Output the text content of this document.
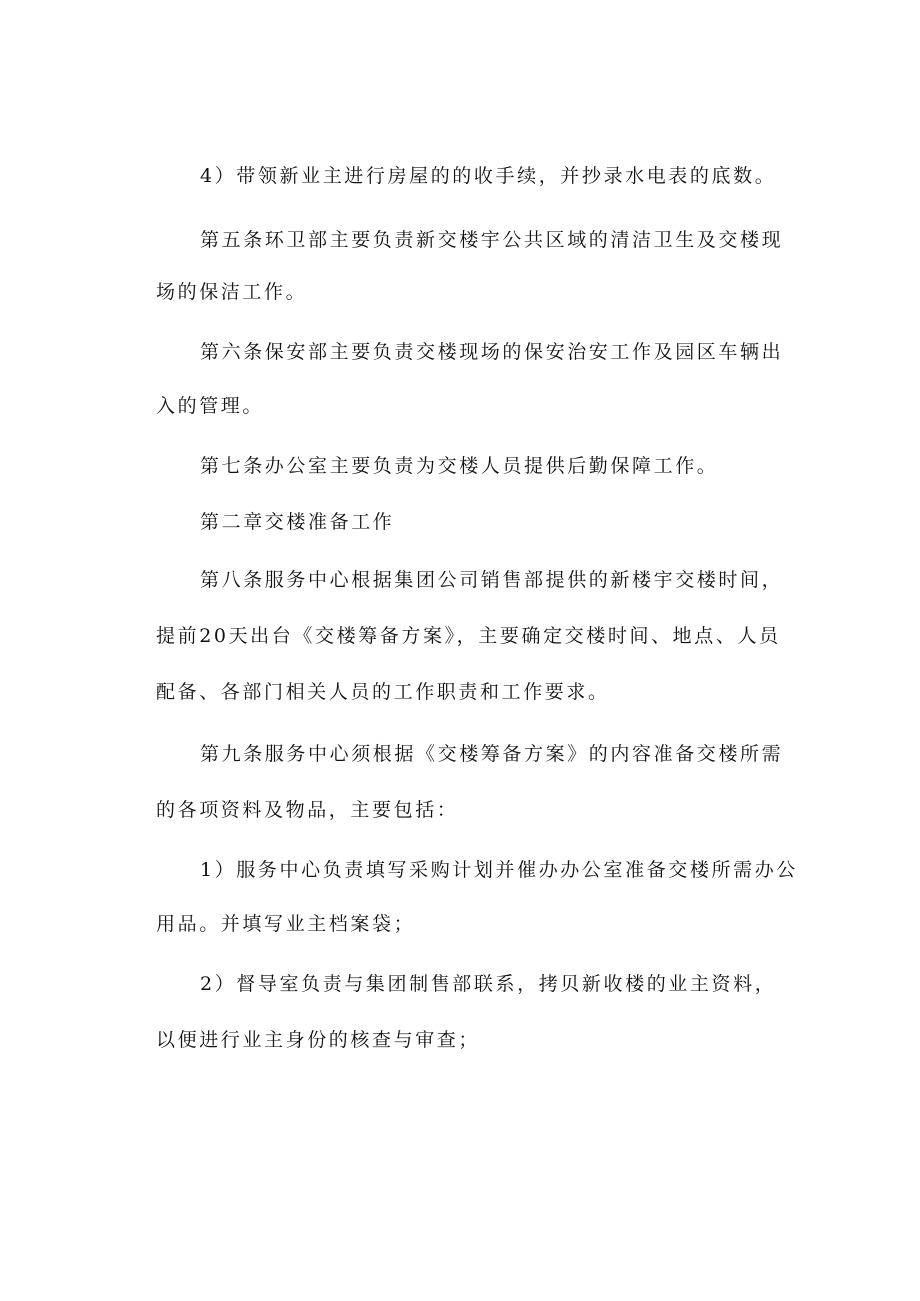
4）带领新业主进行房屋的的收手续，并抄录水电表的底数。
第五条环卫部主要负责新交楼宇公共区域的清洁卫生及交楼现
场的保洁工作。
第六条保安部主要负责交楼现场的保安治安工作及园区车辆出
入的管理。
第七条办公室主要负责为交楼人员提供后勤保障工作。
第二章交楼准备工作
第八条服务中心根据集团公司销售部提供的新楼宇交楼时间，
提前20天出台《交楼筹备方案》，主要确定交楼时间、地点、人员
配备、各部门相关人员的工作职责和工作要求。
第九条服务中心须根据《交楼筹备方案》的内容准备交楼所需
的各项资料及物品，主要包括：
1）服务中心负责填写采购计划并催办办公室准备交楼所需办公
用品。并填写业主档案袋；
2）督导室负责与集团制售部联系，拷贝新收楼的业主资料，
以便进行业主身份的核查与审查；
